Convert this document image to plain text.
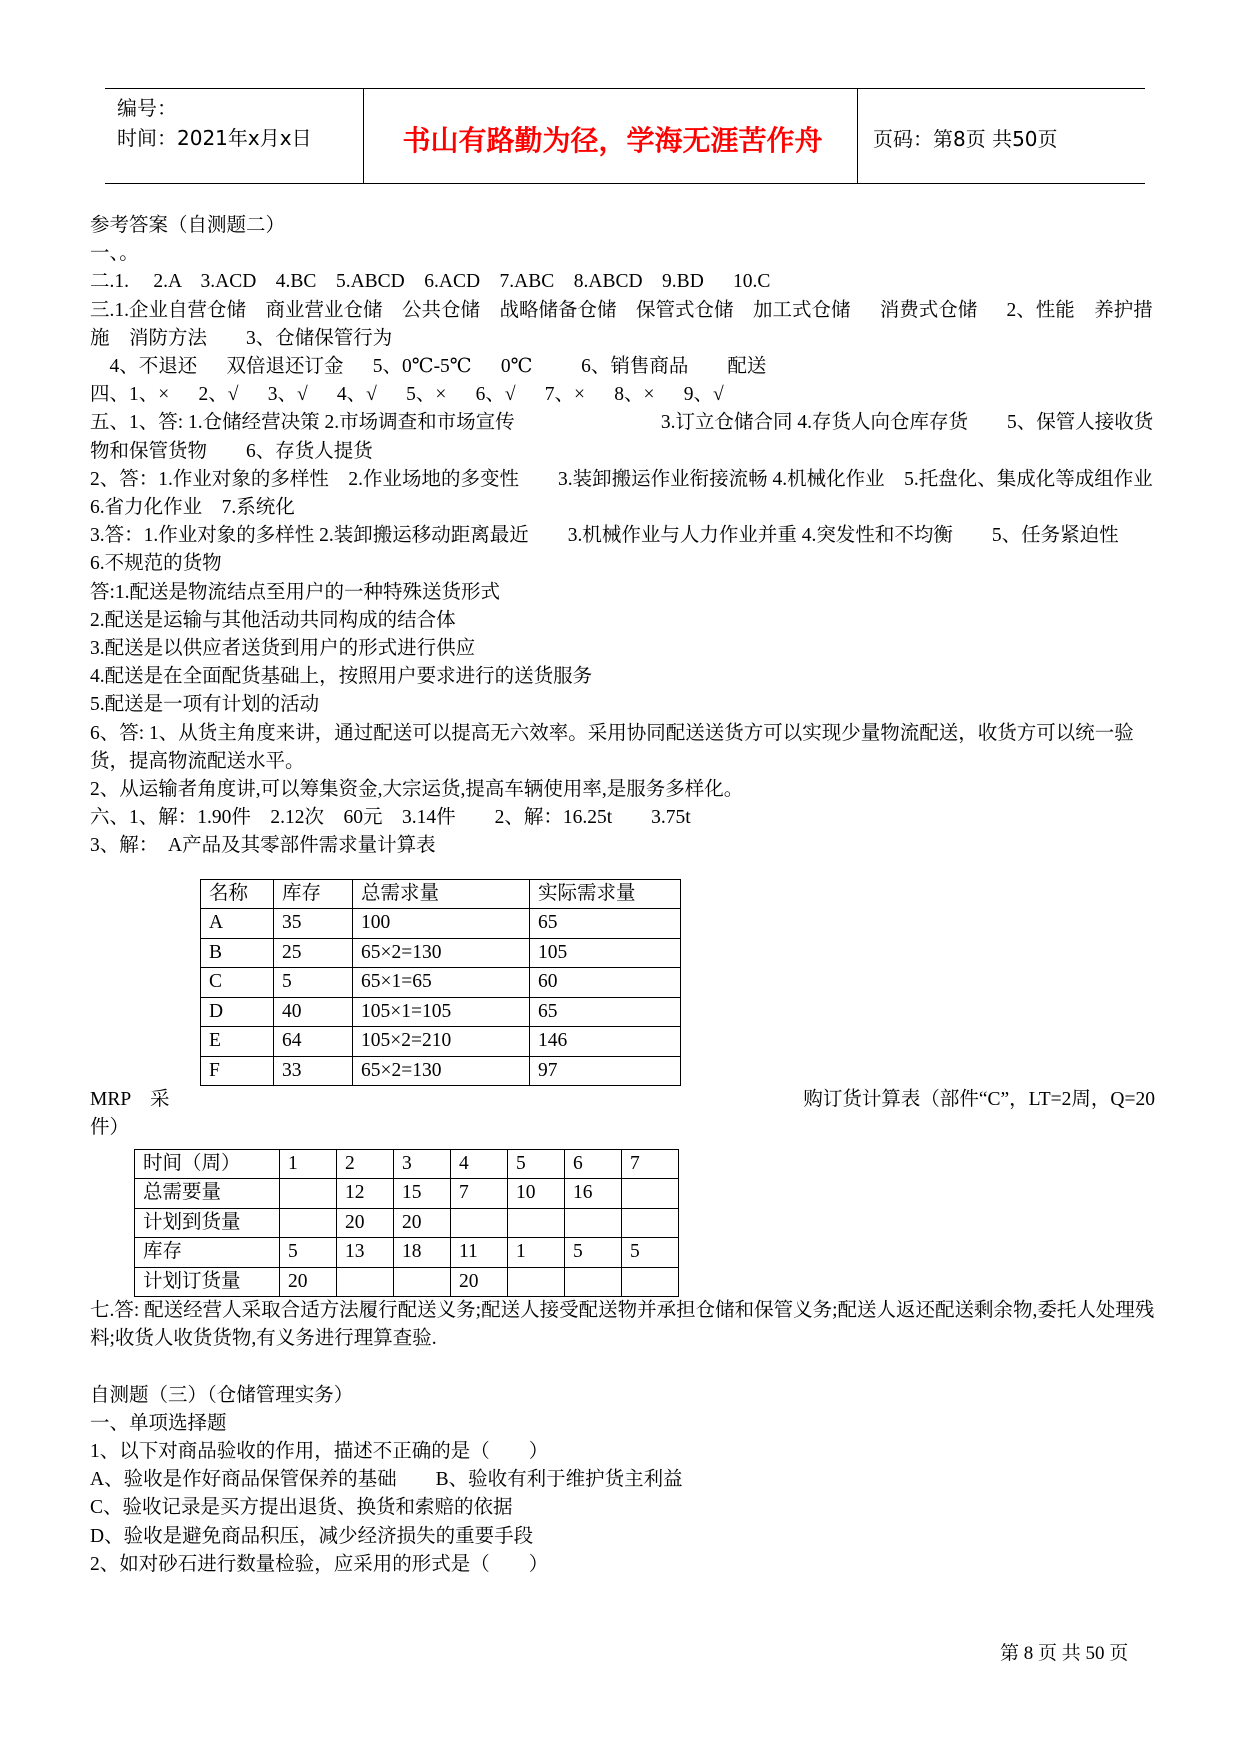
编号：
时间：2021年x月x日	书山有路勤为径，学海无涯苦作舟	页码：第8页 共50页

参考答案（自测题二）

一、。

二.1.     2.A    3.ACD    4.BC    5.ABCD    6.ACD    7.ABC    8.ABCD    9.BD      10.C

三.1.企业自营仓储    商业营业仓储    公共仓储    战略储备仓储    保管式仓储    加工式仓储      消费式仓储      2、性能    养护措施    消防方法        3、仓储保管行为

4、不退还      双倍退还订金      5、0℃-5℃      0℃          6、销售商品        配送

四、1、×      2、√      3、√      4、√      5、×      6、√      7、×      8、×      9、√

五、1、答: 1.仓储经营决策 2.市场调查和市场宣传                              3.订立仓储合同 4.存货人向仓库存货        5、保管人接收货物和保管货物        6、存货人提货

2、答：1.作业对象的多样性    2.作业场地的多变性        3.装卸搬运作业衔接流畅 4.机械化作业    5.托盘化、集成化等成组作业    6.省力化作业    7.系统化

3.答：1.作业对象的多样性 2.装卸搬运移动距离最近        3.机械作业与人力作业并重 4.突发性和不均衡        5、任务紧迫性                    6.不规范的货物

答:1.配送是物流结点至用户的一种特殊送货形式

2.配送是运输与其他活动共同构成的结合体

3.配送是以供应者送货到用户的形式进行供应

4.配送是在全面配货基础上，按照用户要求进行的送货服务

5.配送是一项有计划的活动

6、答: 1、从货主角度来讲，通过配送可以提高无六效率。采用协同配送送货方可以实现少量物流配送，收货方可以统一验货，提高物流配送水平。

2、从运输者角度讲,可以筹集资金,大宗运货,提高车辆使用率,是服务多样化。

六、1、解：1.90件    2.12次    60元    3.14件        2、解：16.25t        3.75t

3、解：  A产品及其零部件需求量计算表

名称	库存	总需求量	实际需求量
A	35	100	65
B	25	65×2=130	105
C	5	65×1=65	60
D	40	105×1=105	65
E	64	105×2=210	146
F	33	65×2=130	97
MRP    采	购订货计算表（部件“C”，LT=2周，Q=20

件）

时间（周）	1	2	3	4	5	6	7
总需要量		12	15	7	10	16	
计划到货量		20	20				
库存	5	13	18	11	1	5	5
计划订货量	20			20			

七.答: 配送经营人采取合适方法履行配送义务;配送人接受配送物并承担仓储和保管义务;配送人返还配送剩余物,委托人处理残料;收货人收货货物,有义务进行理算查验.

自测题（三）（仓储管理实务）

一、单项选择题

1、以下对商品验收的作用，描述不正确的是（        ）

A、验收是作好商品保管保养的基础        B、验收有利于维护货主利益

C、验收记录是买方提出退货、换货和索赔的依据

D、验收是避免商品积压，减少经济损失的重要手段

2、如对砂石进行数量检验，应采用的形式是（        ）

第 8 页 共 50 页
